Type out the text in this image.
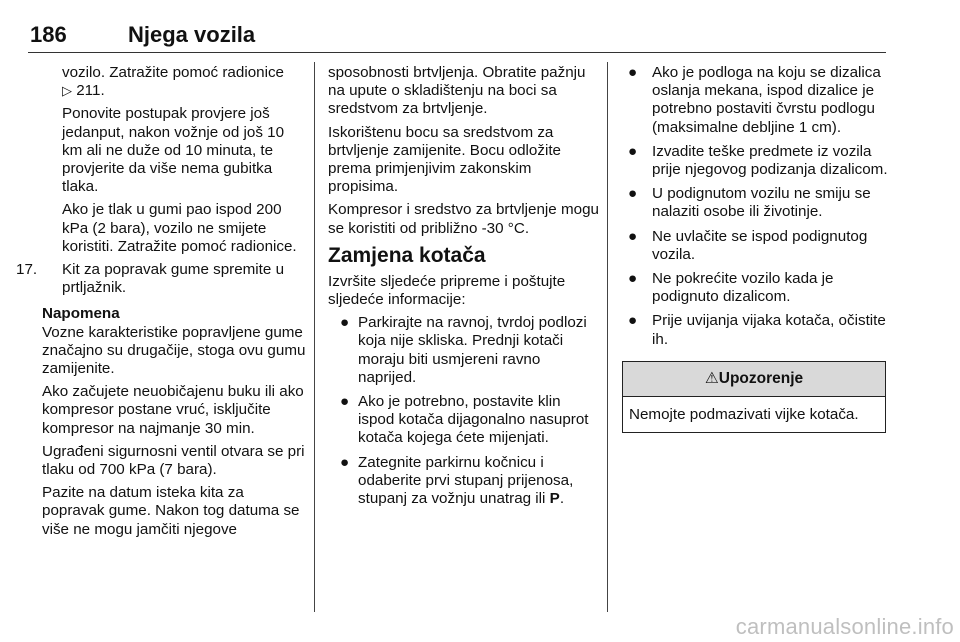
186	Njega vozila

vozilo. Zatražite pomoć radionice
▷ 211.

Ponovite postupak provjere još jedanput, nakon vožnje od još 10 km ali ne duže od 10 minuta, te provjerite da više nema gubitka tlaka.

Ako je tlak u gumi pao ispod 200 kPa (2 bara), vozilo ne smijete koristiti. Zatražite pomoć radionice.

17. Kit za popravak gume spremite u prtljažnik.

Napomena

Vozne karakteristike popravljene gume značajno su drugačije, stoga ovu gumu zamijenite.

Ako začujete neuobičajenu buku ili ako kompresor postane vruć, isključite kompresor na najmanje 30 min.

Ugrađeni sigurnosni ventil otvara se pri tlaku od 700 kPa (7 bara).

Pazite na datum isteka kita za popravak gume. Nakon tog datuma se više ne mogu jamčiti njegove

sposobnosti brtvljenja. Obratite pažnju na upute o skladištenju na boci sa sredstvom za brtvljenje.

Iskorištenu bocu sa sredstvom za brtvljenje zamijenite. Bocu odložite prema primjenjivim zakonskim propisima.

Kompresor i sredstvo za brtvljenje mogu se koristiti od približno -30 °C.

Zamjena kotača

Izvršite sljedeće pripreme i poštujte sljedeće informacije:

● Parkirajte na ravnoj, tvrdoj podlozi koja nije skliska. Prednji kotači moraju biti usmjereni ravno naprijed.
● Ako je potrebno, postavite klin ispod kotača dijagonalno nasuprot kotača kojega ćete mijenjati.
● Zategnite parkirnu kočnicu i odaberite prvi stupanj prijenosa, stupanj za vožnju unatrag ili P.
● Ako je podloga na koju se dizalica oslanja mekana, ispod dizalice je potrebno postaviti čvrstu podlogu (maksimalne debljine 1 cm).
● Izvadite teške predmete iz vozila prije njegovog podizanja dizalicom.
● U podignutom vozilu ne smiju se nalaziti osobe ili životinje.
● Ne uvlačite se ispod podignutog vozila.
● Ne pokrećite vozilo kada je podignuto dizalicom.
● Prije uvijanja vijaka kotača, očistite ih.
⚠Upozorenje
Nemojte podmazivati vijke kotača.
carmanualsonline.info
